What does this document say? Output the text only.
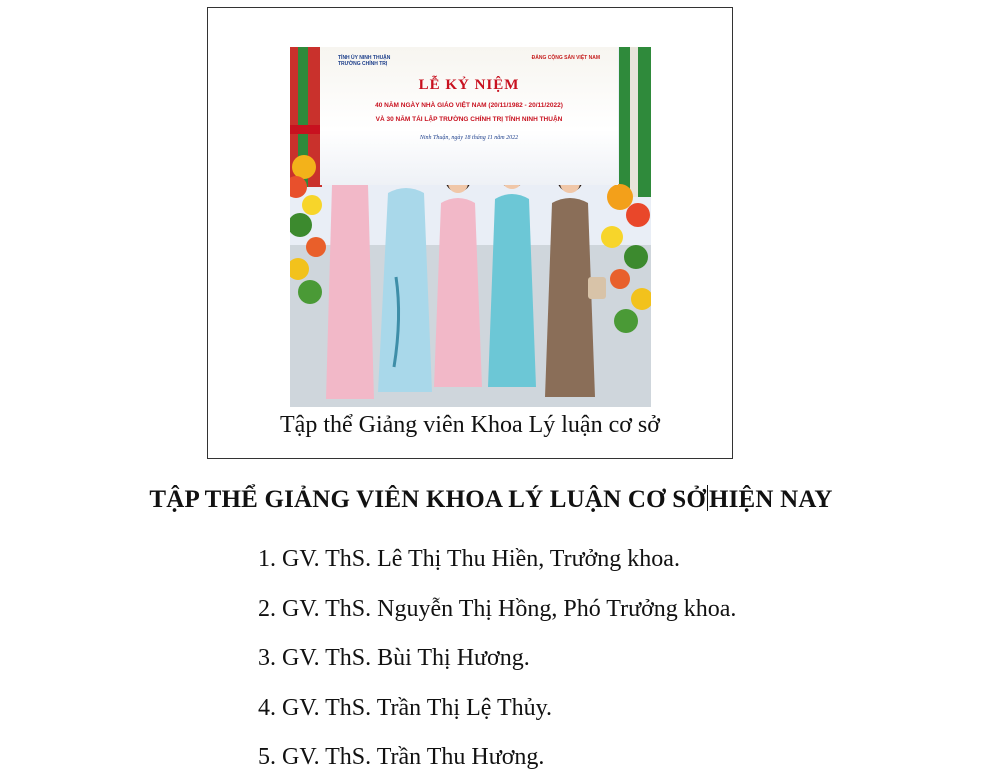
TỈNH ỦY NINH THUẬN
TRƯỜNG CHÍNH TRỊ
ĐẢNG CỘNG SẢN VIỆT NAM
LỄ KỶ NIỆM
40 NĂM NGÀY NHÀ GIÁO VIỆT NAM (20/11/1982 - 20/11/2022)
VÀ 30 NĂM TÁI LẬP TRƯỜNG CHÍNH TRỊ TỈNH NINH THUẬN
Ninh Thuận, ngày 18 tháng 11 năm 2022
Tập thể Giảng viên Khoa Lý luận cơ sở
TẬP THỂ GIẢNG VIÊN KHOA LÝ LUẬN CƠ SỞ HIỆN NAY
1. GV. ThS. Lê Thị Thu Hiền, Trưởng khoa.
2. GV. ThS. Nguyễn Thị Hồng, Phó Trưởng khoa.
3. GV. ThS. Bùi Thị Hương.
4. GV. ThS. Trần Thị Lệ Thủy.
5. GV. ThS. Trần Thu Hương.
